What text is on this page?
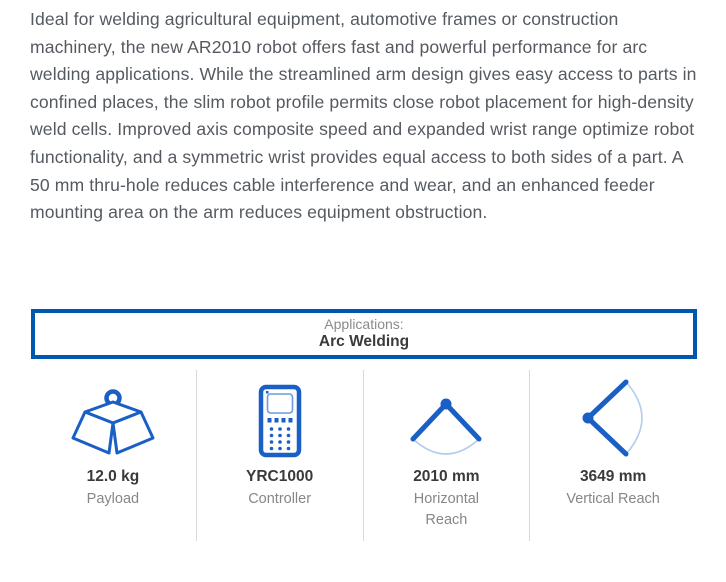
Ideal for welding agricultural equipment, automotive frames or construction machinery, the new AR2010 robot offers fast and powerful performance for arc welding applications. While the streamlined arm design gives easy access to parts in confined places, the slim robot profile permits close robot placement for high-density weld cells. Improved axis composite speed and expanded wrist range optimize robot functionality, and a symmetric wrist provides equal access to both sides of a part. A 50 mm thru-hole reduces cable interference and wear, and an enhanced feeder mounting area on the arm reduces equipment obstruction.

Applications:
Arc Welding
12.0 kg
Payload
YRC1000
Controller
2010 mm
Horizontal Reach
3649 mm
Vertical Reach
